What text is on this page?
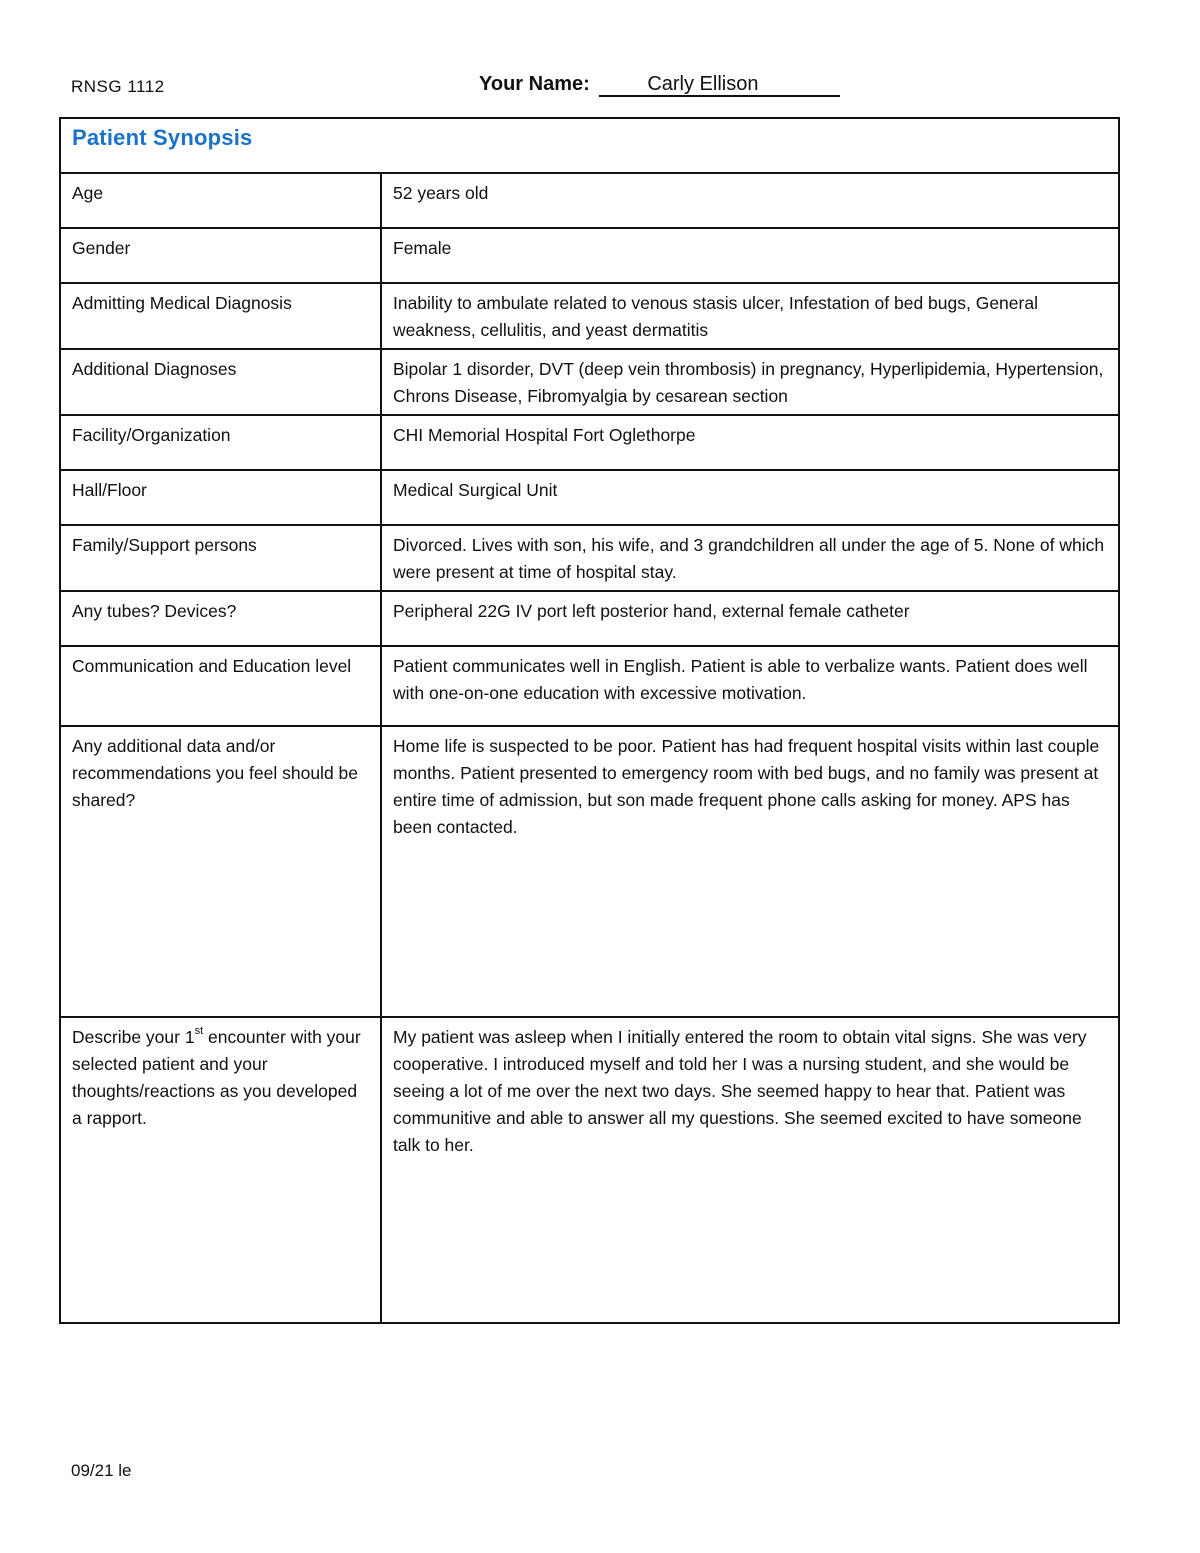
RNSG 1112	Your Name:	Carly Ellison
Patient Synopsis	
Age	52 years old
Gender	Female
Admitting Medical Diagnosis	Inability to ambulate related to venous stasis ulcer, Infestation of bed bugs, General weakness, cellulitis, and yeast dermatitis
Additional Diagnoses	Bipolar 1 disorder, DVT (deep vein thrombosis) in pregnancy, Hyperlipidemia, Hypertension, Chrons Disease, Fibromyalgia by cesarean section
Facility/Organization	CHI Memorial Hospital Fort Oglethorpe
Hall/Floor	Medical Surgical Unit
Family/Support persons	Divorced. Lives with son, his wife, and 3 grandchildren all under the age of 5. None of which were present at time of hospital stay.
Any tubes? Devices?	Peripheral 22G IV port left posterior hand, external female catheter
Communication and Education level	Patient communicates well in English. Patient is able to verbalize wants. Patient does well with one-on-one education with excessive motivation.
Any additional data and/or recommendations you feel should be shared?	Home life is suspected to be poor. Patient has had frequent hospital visits within last couple months. Patient presented to emergency room with bed bugs, and no family was present at entire time of admission, but son made frequent phone calls asking for money. APS has been contacted.
Describe your 1st encounter with your selected patient and your thoughts/reactions as you developed a rapport.	My patient was asleep when I initially entered the room to obtain vital signs. She was very cooperative. I introduced myself and told her I was a nursing student, and she would be seeing a lot of me over the next two days. She seemed happy to hear that. Patient was communitive and able to answer all my questions. She seemed excited to have someone talk to her.
09/21 le
